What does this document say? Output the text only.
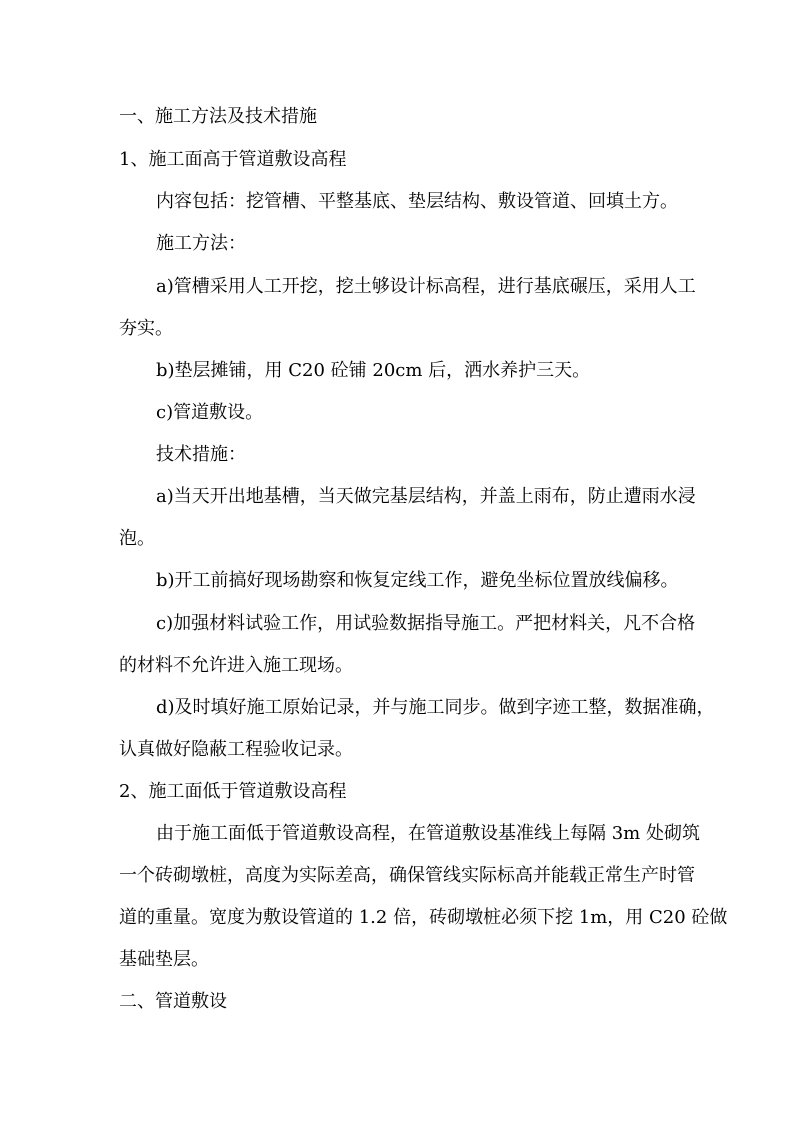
一、施工方法及技术措施
1、施工面高于管道敷设高程
内容包括：挖管槽、平整基底、垫层结构、敷设管道、回填土方。
施工方法：
a)管槽采用人工开挖，挖土够设计标高程，进行基底碾压，采用人工
夯实。
b)垫层摊铺，用 C20 砼铺 20cm 后，洒水养护三天。
c)管道敷设。
技术措施：
a)当天开出地基槽，当天做完基层结构，并盖上雨布，防止遭雨水浸
泡。
b)开工前搞好现场勘察和恢复定线工作，避免坐标位置放线偏移。
c)加强材料试验工作，用试验数据指导施工。严把材料关，凡不合格
的材料不允许进入施工现场。
d)及时填好施工原始记录，并与施工同步。做到字迹工整，数据准确，
认真做好隐蔽工程验收记录。
2、施工面低于管道敷设高程
由于施工面低于管道敷设高程，在管道敷设基准线上每隔 3m 处砌筑
一个砖砌墩桩，高度为实际差高，确保管线实际标高并能载正常生产时管
道的重量。宽度为敷设管道的 1.2 倍，砖砌墩桩必须下挖 1m，用 C20 砼做
基础垫层。
二、管道敷设
